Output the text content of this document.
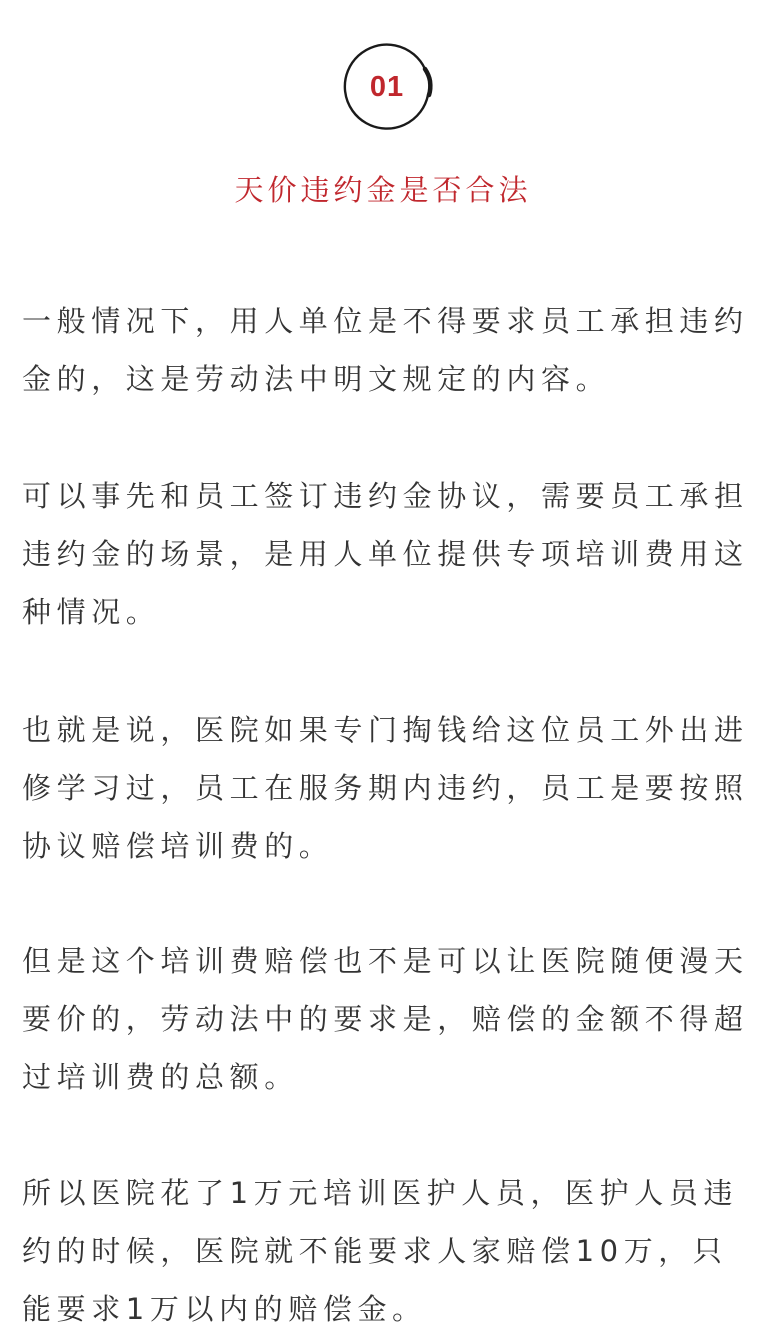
01
天价违约金是否合法

一般情况下，用人单位是不得要求员工承担违约金的，这是劳动法中明文规定的内容。

可以事先和员工签订违约金协议，需要员工承担违约金的场景，是用人单位提供专项培训费用这种情况。

也就是说，医院如果专门掏钱给这位员工外出进修学习过，员工在服务期内违约，员工是要按照协议赔偿培训费的。

但是这个培训费赔偿也不是可以让医院随便漫天要价的，劳动法中的要求是，赔偿的金额不得超过培训费的总额。

所以医院花了1万元培训医护人员，医护人员违约的时候，医院就不能要求人家赔偿10万，只能要求1万以内的赔偿金。
